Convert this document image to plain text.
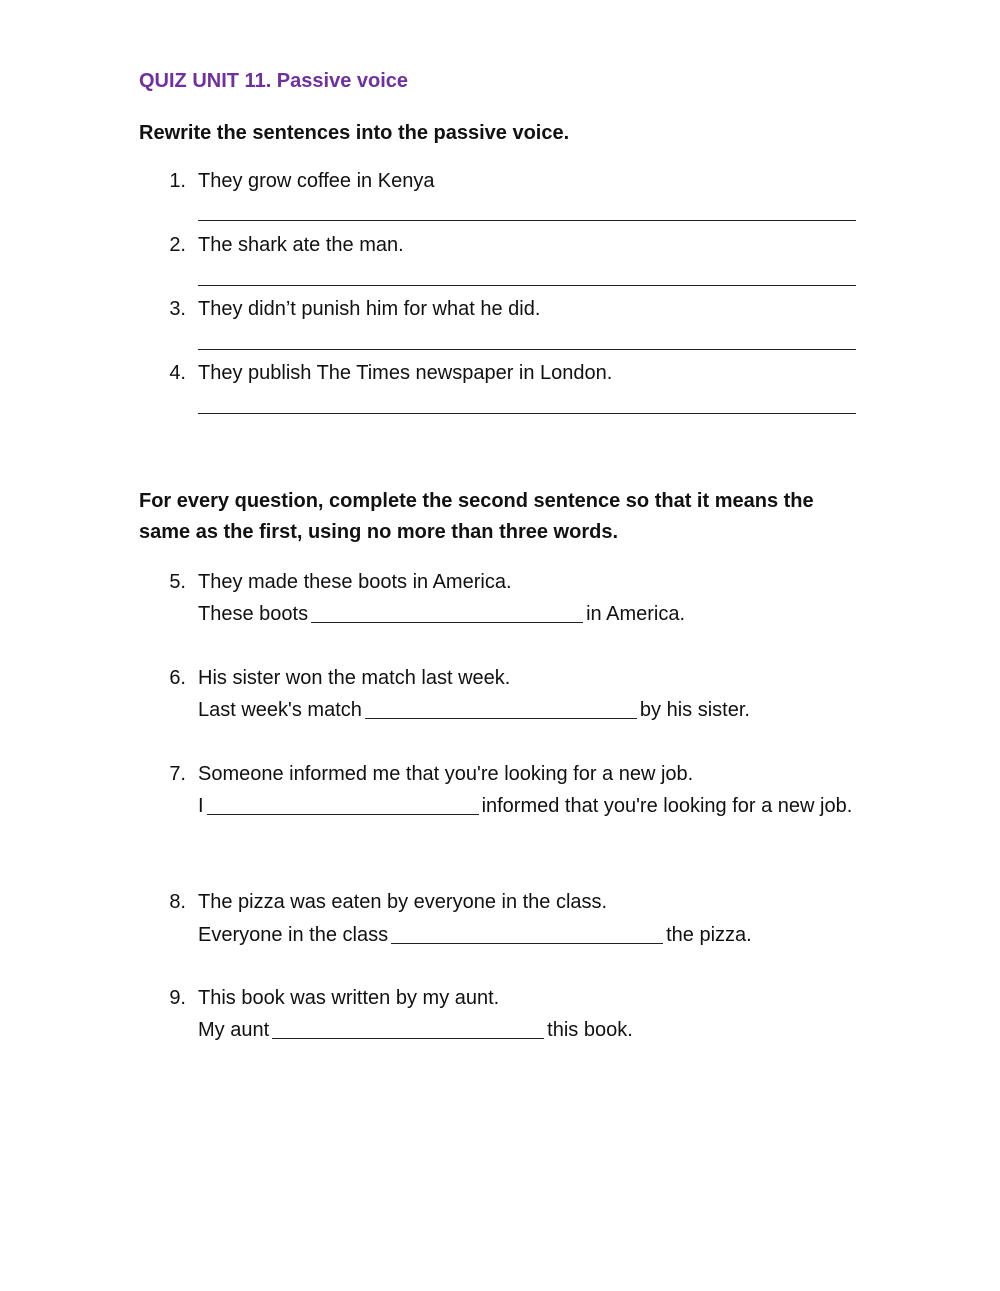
QUIZ UNIT 11. Passive voice
Rewrite the sentences into the passive voice.
1. They grow coffee in Kenya
2. The shark ate the man.
3. They didn’t punish him for what he did.
4. They publish The Times newspaper in London.
For every question, complete the second sentence so that it means the same as the first, using no more than three words.
5. They made these boots in America.
These boots	in America.
6. His sister won the match last week.
Last week's match	by his sister.
7. Someone informed me that you're looking for a new job.
I	informed that you're looking for a new job.
8. The pizza was eaten by everyone in the class.
Everyone in the class	the pizza.
9. This book was written by my aunt.
My aunt	this book.
